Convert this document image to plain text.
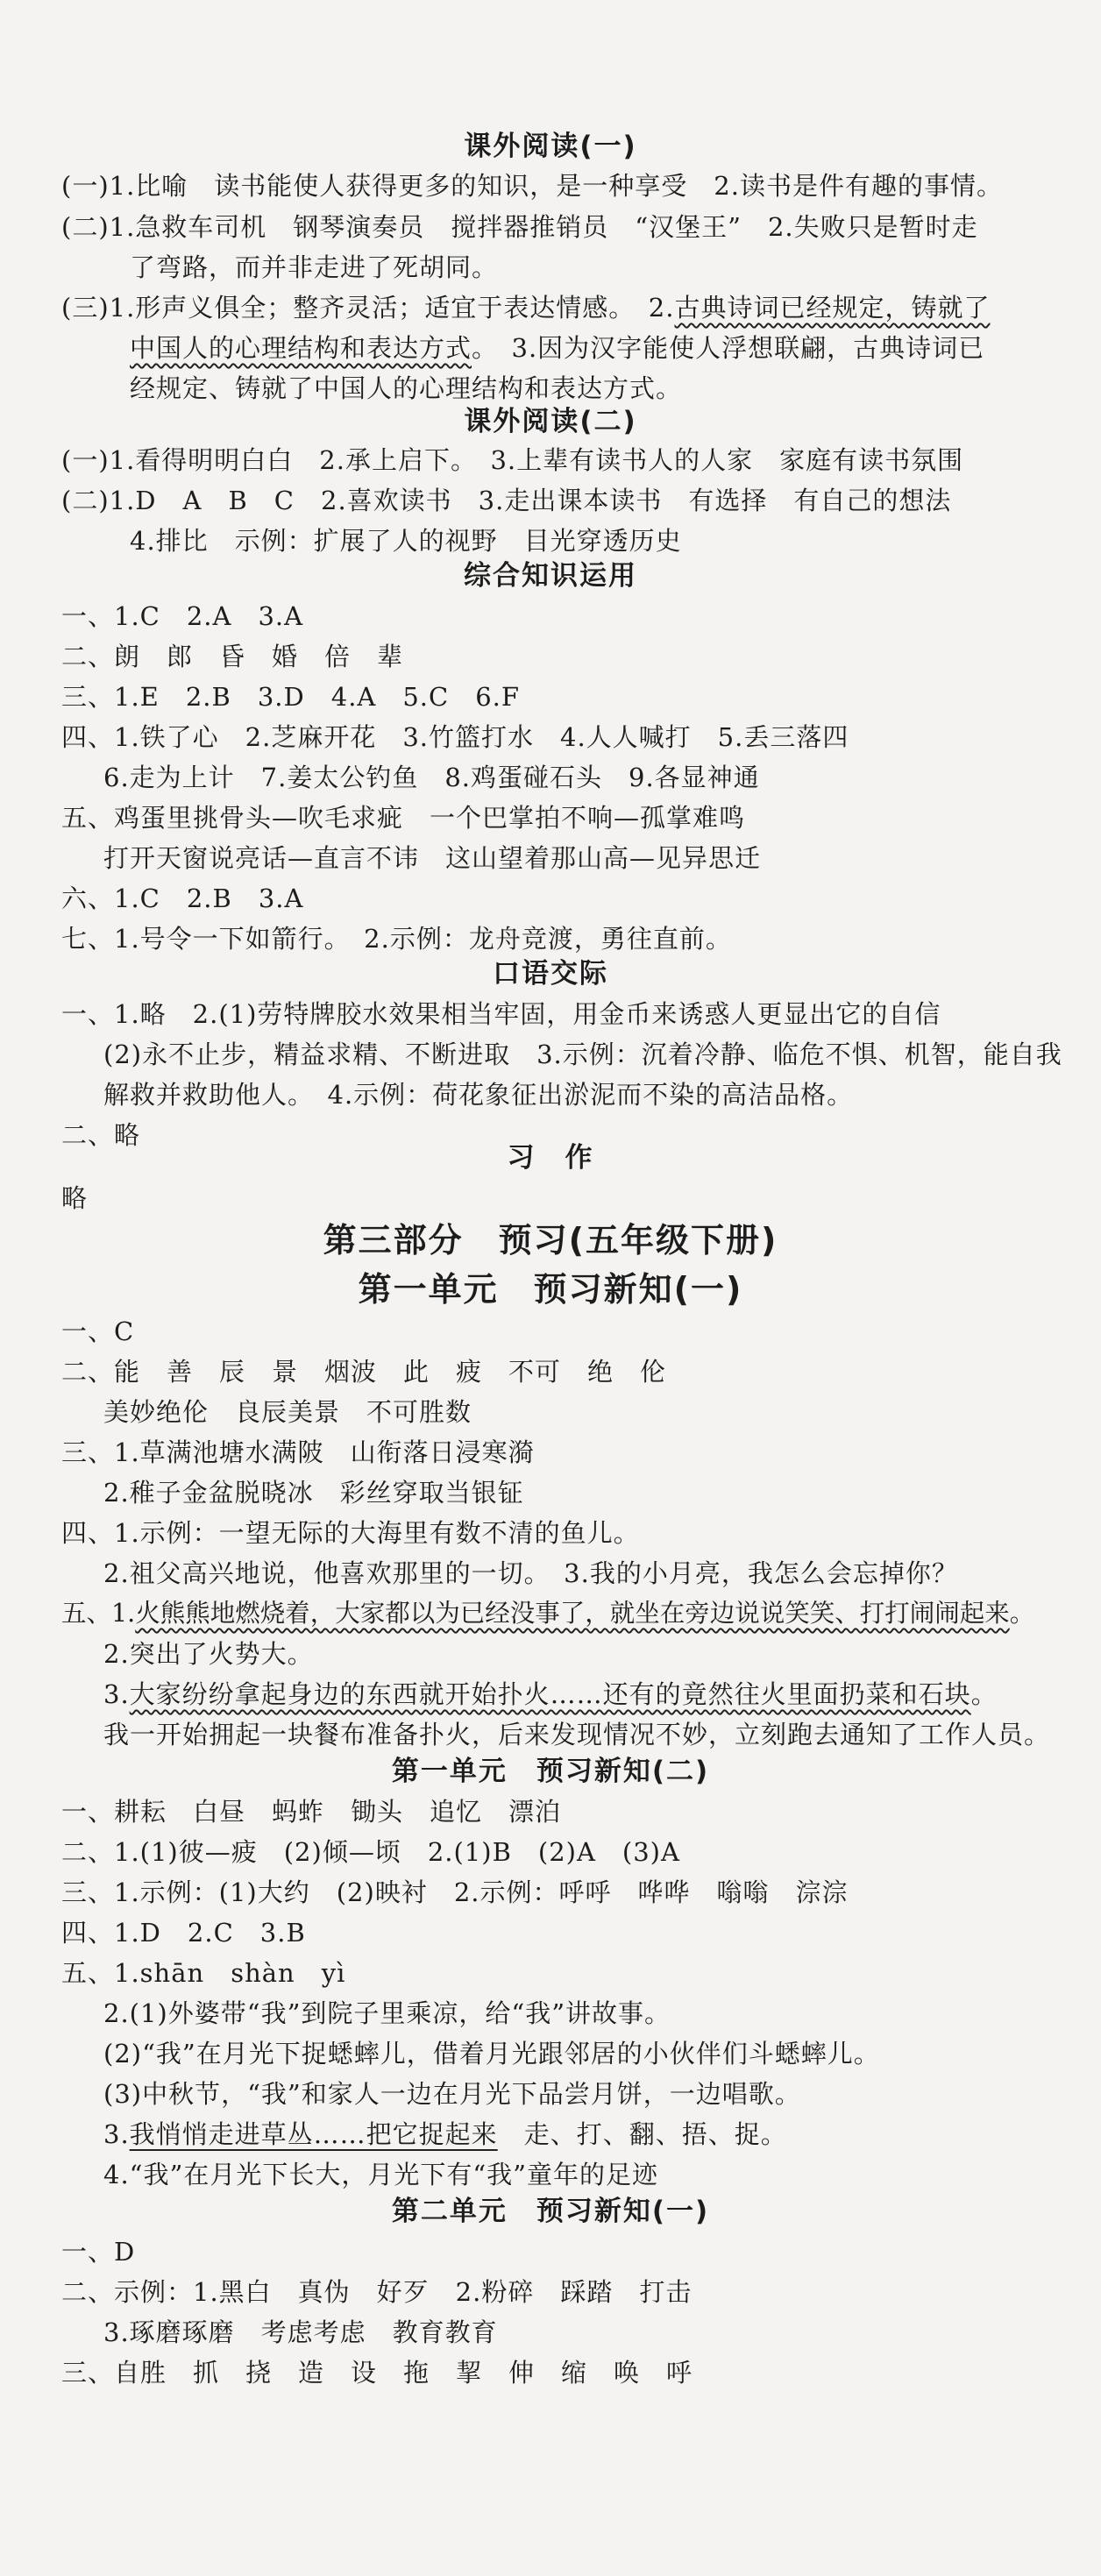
课外阅读(一)
(一)1.比喻　读书能使人获得更多的知识，是一种享受　2.读书是件有趣的事情。
(二)1.急救车司机　钢琴演奏员　搅拌器推销员　“汉堡王”　2.失败只是暂时走
了弯路，而并非走进了死胡同。
(三)1.形声义俱全；整齐灵活；适宜于表达情感。　2.古典诗词已经规定，铸就了
中国人的心理结构和表达方式。　3.因为汉字能使人浮想联翩，古典诗词已
经规定、铸就了中国人的心理结构和表达方式。
课外阅读(二)
(一)1.看得明明白白　2.承上启下。　3.上辈有读书人的人家　家庭有读书氛围
(二)1.D　A　B　C　2.喜欢读书　3.走出课本读书　有选择　有自己的想法
4.排比　示例：扩展了人的视野　目光穿透历史
综合知识运用
一、1.C　2.A　3.A
二、朗　郎　昏　婚　倍　辈
三、1.E　2.B　3.D　4.A　5.C　6.F
四、1.铁了心　2.芝麻开花　3.竹篮打水　4.人人喊打　5.丢三落四
6.走为上计　7.姜太公钓鱼　8.鸡蛋碰石头　9.各显神通
五、鸡蛋里挑骨头—吹毛求疵　一个巴掌拍不响—孤掌难鸣
打开天窗说亮话—直言不讳　这山望着那山高—见异思迁
六、1.C　2.B　3.A
七、1.号令一下如箭行。　2.示例：龙舟竞渡，勇往直前。
口语交际
一、1.略　2.(1)劳特牌胶水效果相当牢固，用金币来诱惑人更显出它的自信
(2)永不止步，精益求精、不断进取　3.示例：沉着冷静、临危不惧、机智，能自我
解救并救助他人。　4.示例：荷花象征出淤泥而不染的高洁品格。
二、略
习　作
略
第三部分　预习(五年级下册)
第一单元　预习新知(一)
一、C
二、能　善　辰　景　烟波　此　疲　不可　绝　伦
美妙绝伦　良辰美景　不可胜数
三、1.草满池塘水满陂　山衔落日浸寒漪
2.稚子金盆脱晓冰　彩丝穿取当银钲
四、1.示例：一望无际的大海里有数不清的鱼儿。
2.祖父高兴地说，他喜欢那里的一切。　3.我的小月亮，我怎么会忘掉你？
五、1.火熊熊地燃烧着，大家都以为已经没事了，就坐在旁边说说笑笑、打打闹闹起来。
2.突出了火势大。
3.大家纷纷拿起身边的东西就开始扑火……还有的竟然往火里面扔菜和石块。
我一开始拥起一块餐布准备扑火，后来发现情况不妙，立刻跑去通知了工作人员。
第一单元　预习新知(二)
一、耕耘　白昼　蚂蚱　锄头　追忆　漂泊
二、1.(1)彼—疲　(2)倾—顷　2.(1)B　(2)A　(3)A
三、1.示例：(1)大约　(2)映衬　2.示例：呼呼　哗哗　嗡嗡　淙淙
四、1.D　2.C　3.B
五、1.shān　shàn　yì
2.(1)外婆带“我”到院子里乘凉，给“我”讲故事。
(2)“我”在月光下捉蟋蟀儿，借着月光跟邻居的小伙伴们斗蟋蟀儿。
(3)中秋节，“我”和家人一边在月光下品尝月饼，一边唱歌。
3.我悄悄走进草丛……把它捉起来　走、打、翻、捂、捉。
4.“我”在月光下长大，月光下有“我”童年的足迹
第二单元　预习新知(一)
一、D
二、示例：1.黑白　真伪　好歹　2.粉碎　踩踏　打击
3.琢磨琢磨　考虑考虑　教育教育
三、自胜　抓　挠　造　设　拖　挈　伸　缩　唤　呼
